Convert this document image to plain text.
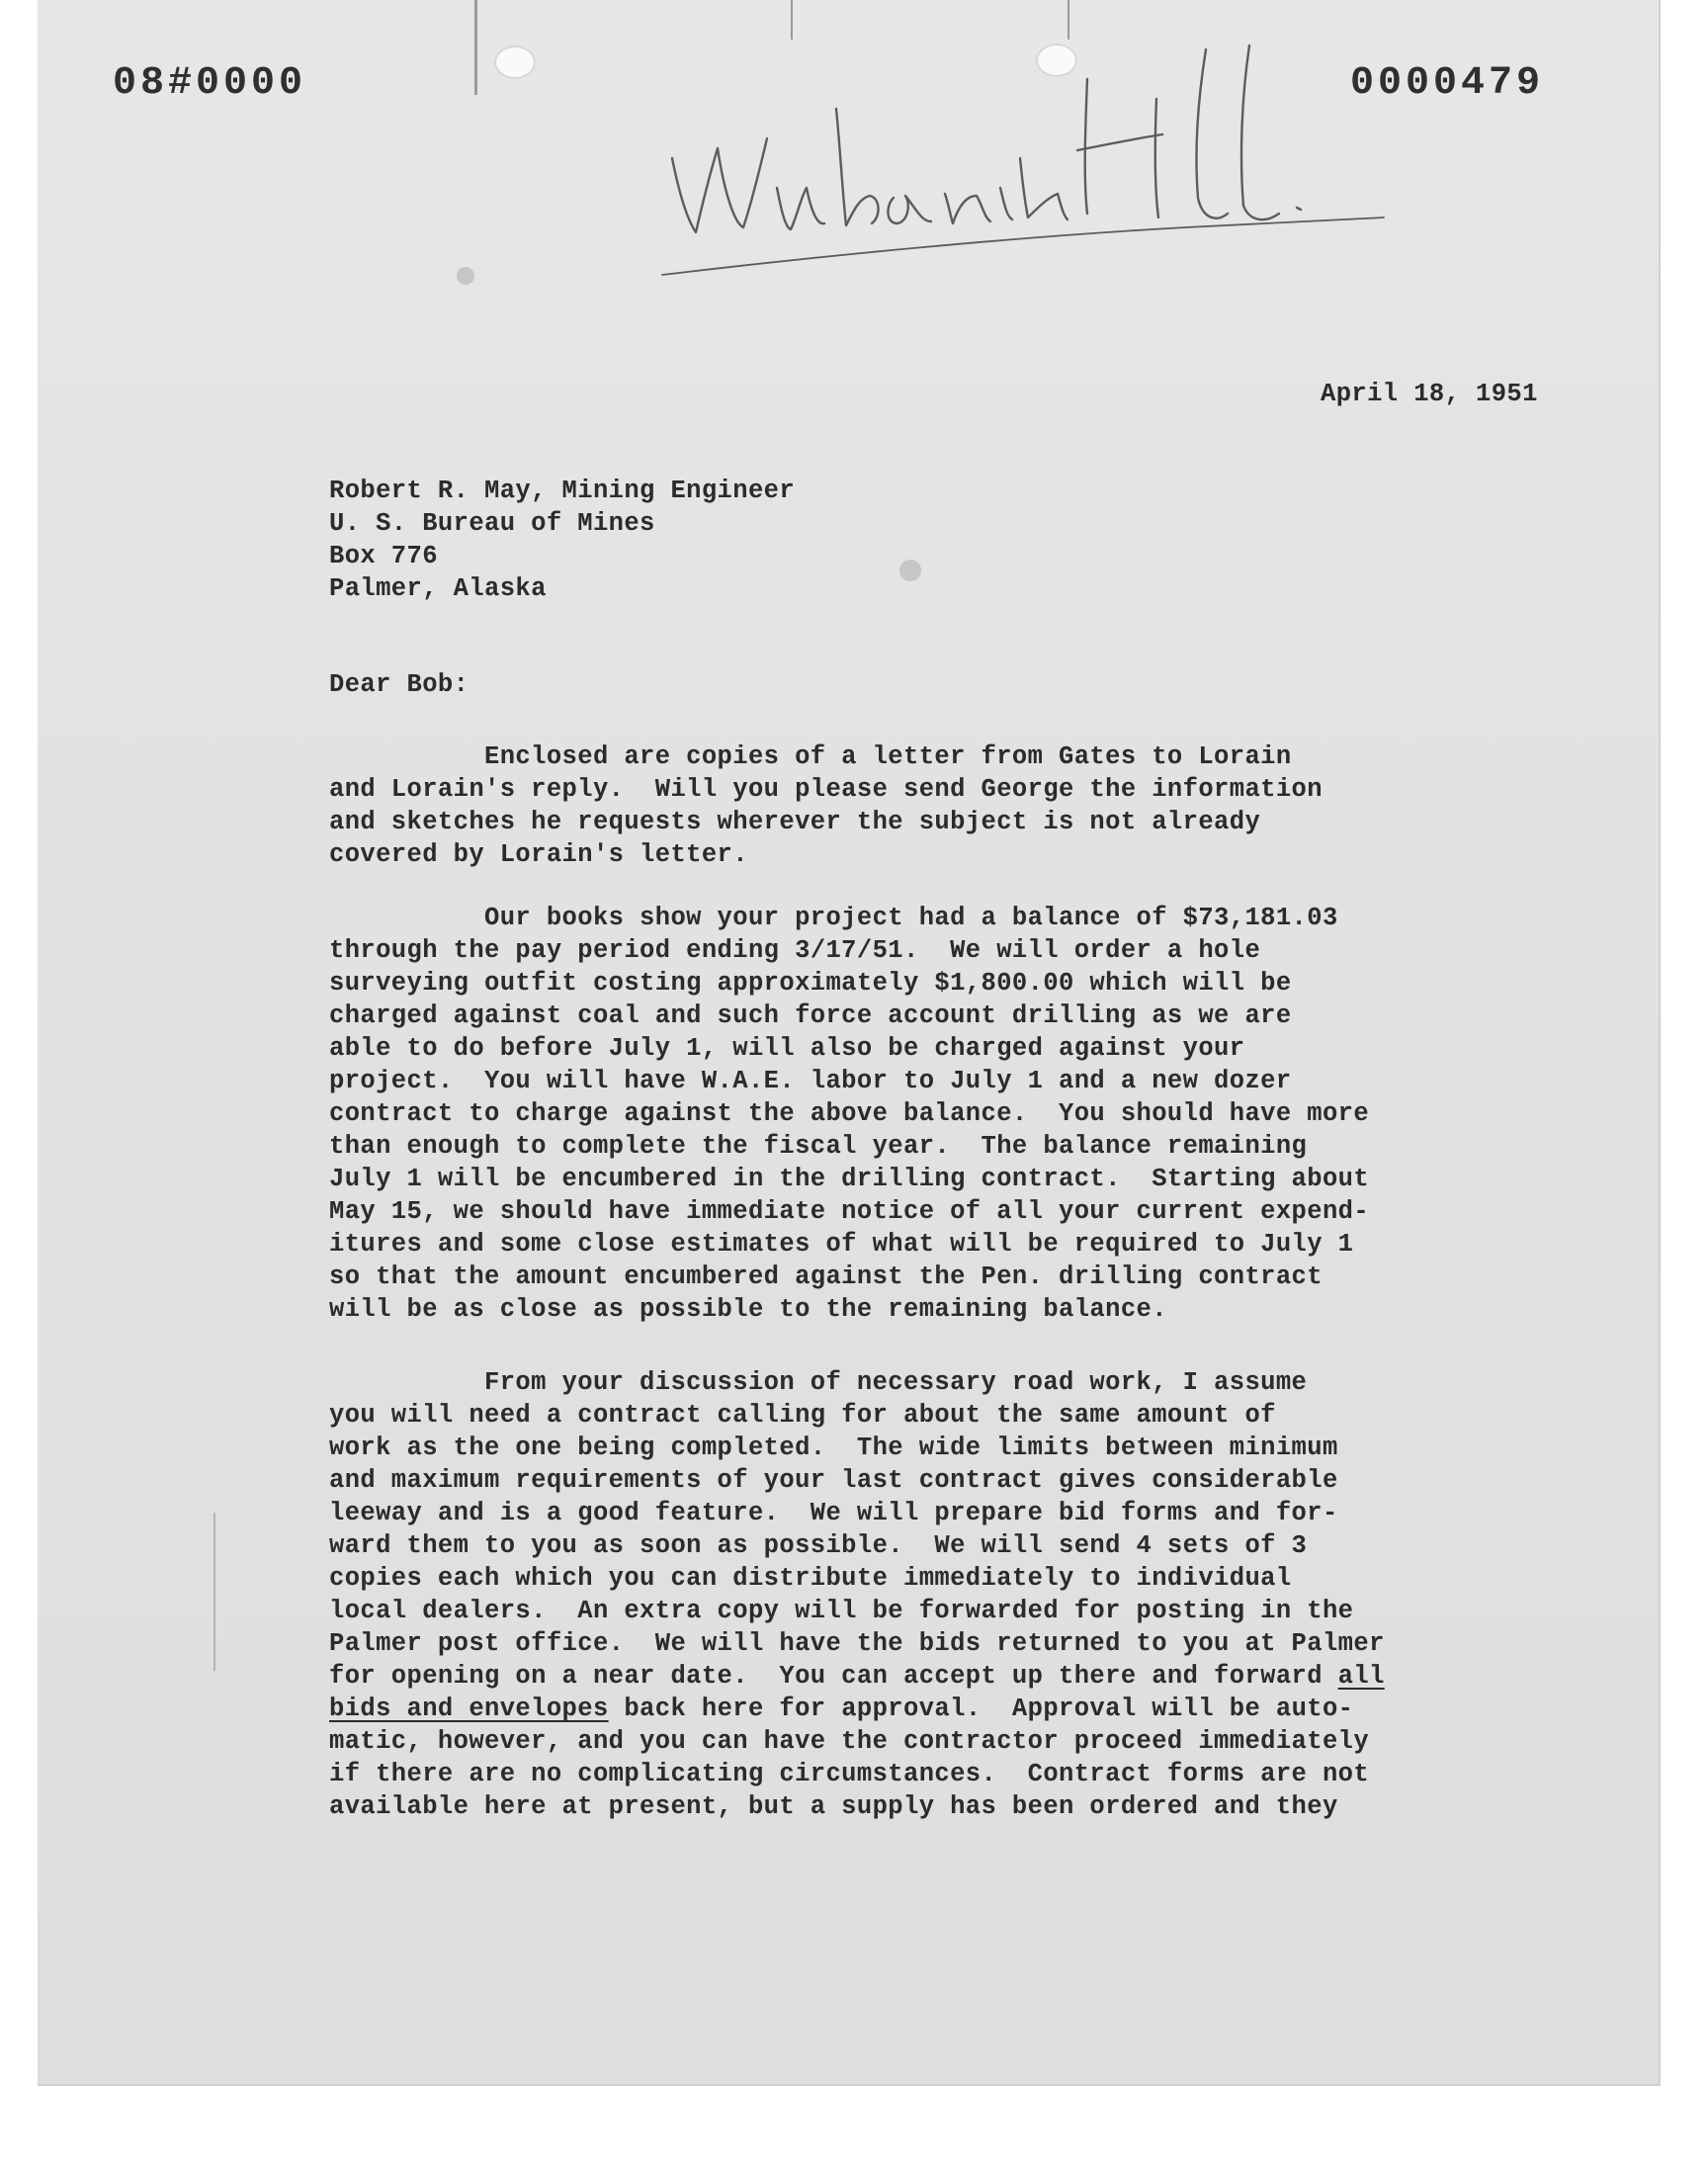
08#0000	0000479
April 18, 1951
Robert R. May, Mining Engineer
U. S. Bureau of Mines
Box 776
Palmer, Alaska
Dear Bob:
Enclosed are copies of a letter from Gates to Lorain
and Lorain's reply.  Will you please send George the information
and sketches he requests wherever the subject is not already
covered by Lorain's letter.
Our books show your project had a balance of $73,181.03
through the pay period ending 3/17/51.  We will order a hole
surveying outfit costing approximately $1,800.00 which will be
charged against coal and such force account drilling as we are
able to do before July 1, will also be charged against your
project.  You will have W.A.E. labor to July 1 and a new dozer
contract to charge against the above balance.  You should have more
than enough to complete the fiscal year.  The balance remaining
July 1 will be encumbered in the drilling contract.  Starting about
May 15, we should have immediate notice of all your current expend-
itures and some close estimates of what will be required to July 1
so that the amount encumbered against the Pen. drilling contract
will be as close as possible to the remaining balance.
From your discussion of necessary road work, I assume
you will need a contract calling for about the same amount of
work as the one being completed.  The wide limits between minimum
and maximum requirements of your last contract gives considerable
leeway and is a good feature.  We will prepare bid forms and for-
ward them to you as soon as possible.  We will send 4 sets of 3
copies each which you can distribute immediately to individual
local dealers.  An extra copy will be forwarded for posting in the
Palmer post office.  We will have the bids returned to you at Palmer
for opening on a near date.  You can accept up there and forward all
bids and envelopes back here for approval.  Approval will be auto-
matic, however, and you can have the contractor proceed immediately
if there are no complicating circumstances.  Contract forms are not
available here at present, but a supply has been ordered and they
